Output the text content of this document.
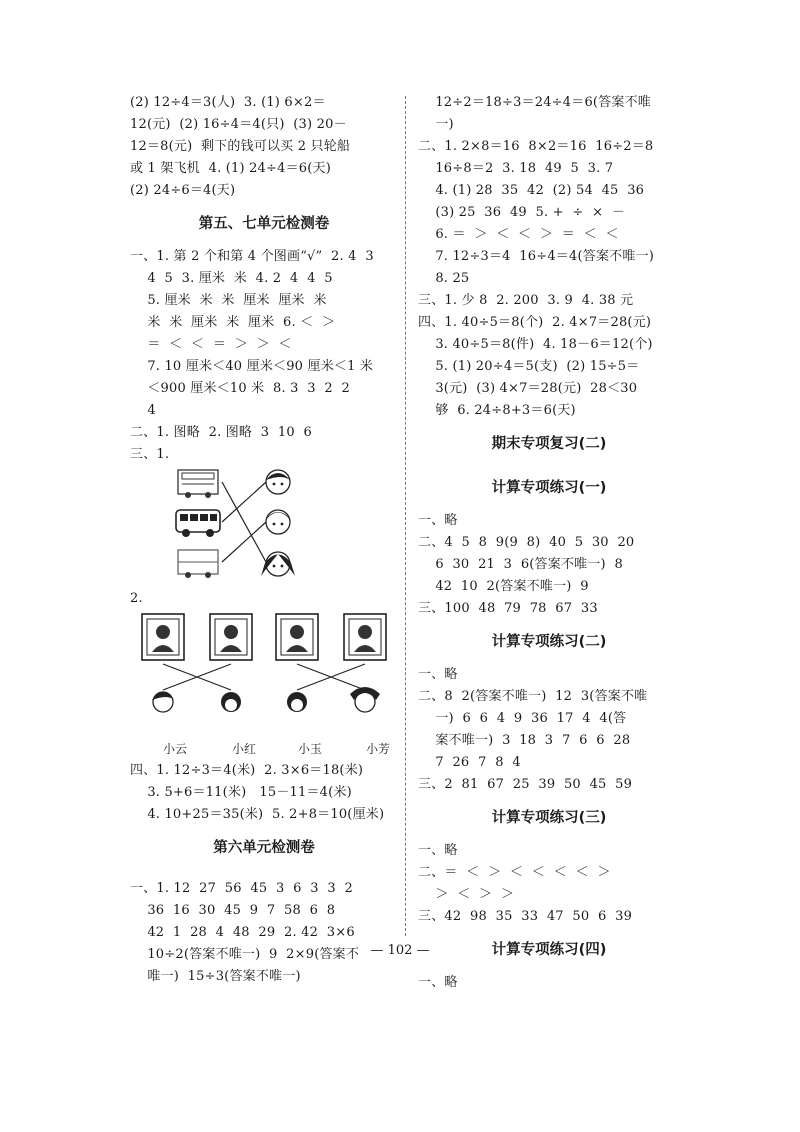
(2) 12÷4＝3(人)  3. (1) 6×2＝
12(元)  (2) 16÷4＝4(只)  (3) 20－
12＝8(元)  剩下的钱可以买 2 只轮船
或 1 架飞机  4. (1) 24÷4＝6(天)
(2) 24÷6＝4(天)
第五、七单元检测卷
一、1. 第 2 个和第 4 个图画“√”  2. 4  3
4  5  3. 厘米  米  4. 2  4  4  5
5. 厘米  米  米  厘米  厘米  米
米  米  厘米  米  厘米  6. ＜  ＞
＝  ＜  ＜  ＝  ＞  ＞  ＜
7. 10 厘米＜40 厘米＜90 厘米＜1 米
＜900 厘米＜10 米  8. 3  3  2  2
4
二、1. 图略  2. 图略  3  10  6
三、1.
2.
小云	小红	小玉	小芳
四、1. 12÷3＝4(米)  2. 3×6＝18(米)
3. 5+6＝11(米)   15－11＝4(米)
4. 10+25＝35(米)  5. 2+8＝10(厘米)
第六单元检测卷
一、1. 12  27  56  45  3  6  3  3  2
36  16  30  45  9  7  58  6  8
42  1  28  4  48  29  2. 42  3×6
10÷2(答案不唯一)  9  2×9(答案不
唯一)  15÷3(答案不唯一)
12÷2＝18÷3＝24÷4＝6(答案不唯
一)
二、1. 2×8＝16  8×2＝16  16÷2＝8
16÷8＝2  3. 18  49  5  3. 7
4. (1) 28  35  42  (2) 54  45  36
(3) 25  36  49  5. +  ÷  ×  －
6. ＝  ＞  ＜  ＜  ＞  ＝  ＜  ＜
7. 12÷3＝4  16÷4＝4(答案不唯一)
8. 25
三、1. 少 8  2. 200  3. 9  4. 38 元
四、1. 40÷5＝8(个)  2. 4×7＝28(元)
3. 40÷5＝8(件)  4. 18－6＝12(个)
5. (1) 20÷4＝5(支)  (2) 15÷5＝
3(元)  (3) 4×7＝28(元)  28＜30
够  6. 24÷8+3＝6(天)
期末专项复习(二)
计算专项练习(一)
一、略
二、4  5  8  9(9  8)  40  5  30  20
6  30  21  3  6(答案不唯一)  8
42  10  2(答案不唯一)  9
三、100  48  79  78  67  33
计算专项练习(二)
一、略
二、8  2(答案不唯一)  12  3(答案不唯
一)  6  6  4  9  36  17  4  4(答
案不唯一)  3  18  3  7  6  6  28
7  26  7  8  4
三、2  81  67  25  39  50  45  59
计算专项练习(三)
一、略
二、＝  ＜  ＞  ＜  ＜  ＜  ＜  ＞
＞  ＜  ＞  ＞
三、42  98  35  33  47  50  6  39
计算专项练习(四)
一、略
— 102 —
